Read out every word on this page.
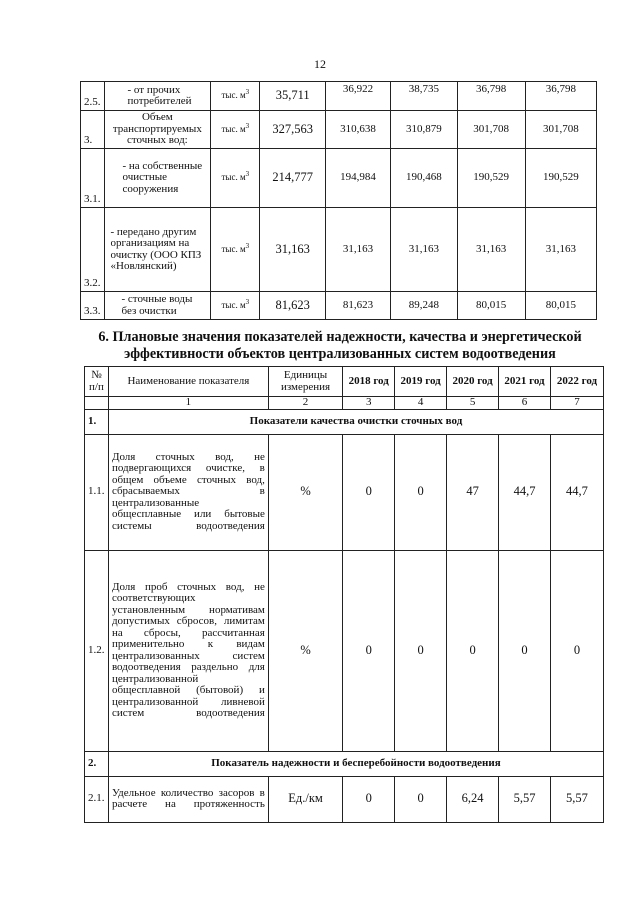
12
2.5.	- от прочих потребителей	тыс. $м^3$	35,711	36,922	38,735	36,798	36,798
3.	Объем транспортируемых сточных вод:	тыс. $м^3$	327,563	310,638	310,879	301,708	301,708
3.1.	- на собственные очистные сооружения	тыс. $м^3$	214,777	194,984	190,468	190,529	190,529
3.2.	- передано другим организациям на очистку (ООО КПЗ «Новлянский)	тыс. $м^3$	31,163	31,163	31,163	31,163	31,163
3.3.	- сточные воды без очистки	тыс. $м^3$	81,623	81,623	89,248	80,015	80,015
6. Плановые значения показателей надежности, качества и энергетической
эффективности объектов централизованных систем водоотведения
№ п/п	Наименование показателя	Единицы измерения	2018 год	2019 год	2020 год	2021 год	2022 год
	1	2	3	4	5	6	7
1.	Показатели качества очистки сточных вод						
1.1.	Доля сточных вод, не подвергающихся очистке, в общем объеме сточных вод, сбрасываемых в централизованные общесплавные или бытовые системы водоотведения	%	0	0	47	44,7	44,7
1.2.	Доля проб сточных вод, не соответствующих установленным нормативам допустимых сбросов, лимитам на сбросы, рассчитанная применительно к видам централизованных систем водоотведения раздельно для централизованной общесплавной (бытовой) и централизованной ливневой систем водоотведения	%	0	0	0	0	0
2.	Показатель надежности и бесперебойности водоотведения						
2.1.	Удельное количество засоров в расчете на протяженность	Ед./км	0	0	6,24	5,57	5,57
